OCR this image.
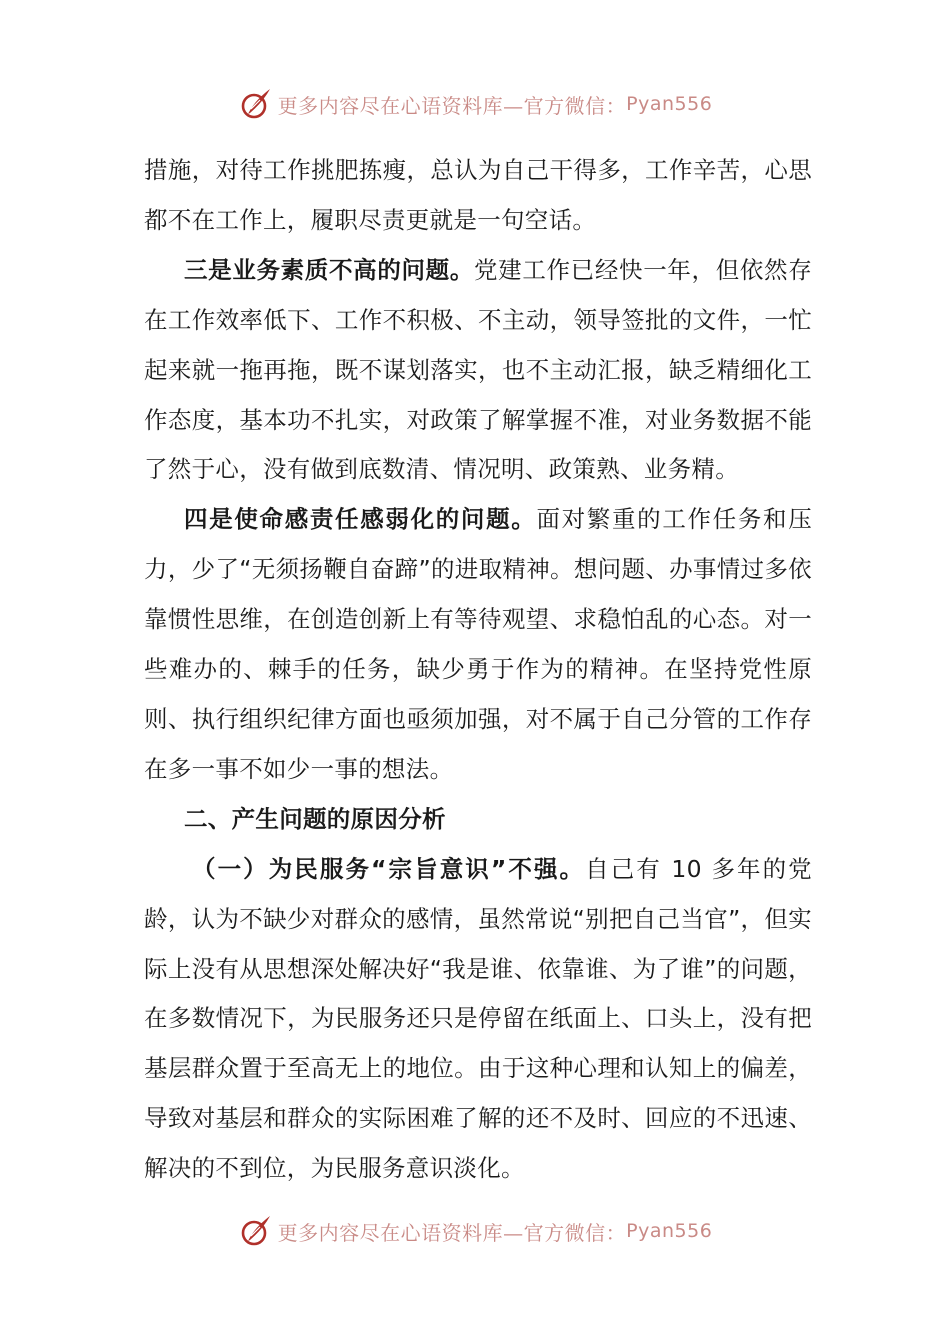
更多内容尽在心语资料库—官方微信： Pyan556

措施，对待工作挑肥拣瘦，总认为自己干得多，工作辛苦，心思都不在工作上，履职尽责更就是一句空话。

三是业务素质不高的问题。党建工作已经快一年，但依然存在工作效率低下、工作不积极、不主动，领导签批的文件，一忙起来就一拖再拖，既不谋划落实，也不主动汇报，缺乏精细化工作态度，基本功不扎实，对政策了解掌握不准，对业务数据不能了然于心，没有做到底数清、情况明、政策熟、业务精。

四是使命感责任感弱化的问题。面对繁重的工作任务和压力，少了“无须扬鞭自奋蹄”的进取精神。想问题、办事情过多依靠惯性思维，在创造创新上有等待观望、求稳怕乱的心态。对一些难办的、棘手的任务，缺少勇于作为的精神。在坚持党性原则、执行组织纪律方面也亟须加强，对不属于自己分管的工作存在多一事不如少一事的想法。

二、产生问题的原因分析

（一）为民服务“宗旨意识”不强。自己有 10 多年的党龄，认为不缺少对群众的感情，虽然常说“别把自己当官”，但实际上没有从思想深处解决好“我是谁、依靠谁、为了谁”的问题，在多数情况下，为民服务还只是停留在纸面上、口头上，没有把基层群众置于至高无上的地位。由于这种心理和认知上的偏差，导致对基层和群众的实际困难了解的还不及时、回应的不迅速、解决的不到位，为民服务意识淡化。

更多内容尽在心语资料库—官方微信： Pyan556
